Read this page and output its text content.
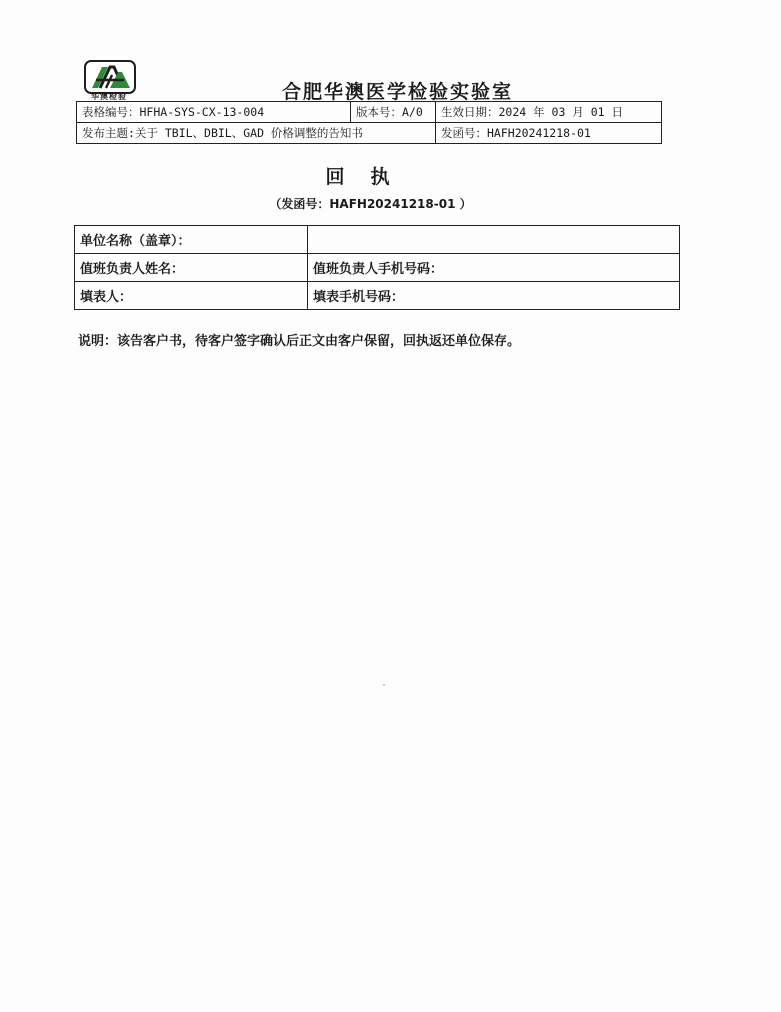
华澳检验	合肥华澳医学检验实验室
表格编号：HFHA-SYS-CX-13-004	版本号：A/0	生效日期：2024 年 03 月 01 日
发布主题:关于 TBIL、DBIL、GAD 价格调整的告知书		发函号：HAFH20241218-01
回执
（发函号：HAFH20241218-01 ）
单位名称（盖章）：	
值班负责人姓名：	值班负责人手机号码：
填表人：	填表手机号码：
说明：该告客户书，待客户签字确认后正文由客户保留，回执返还单位保存。
